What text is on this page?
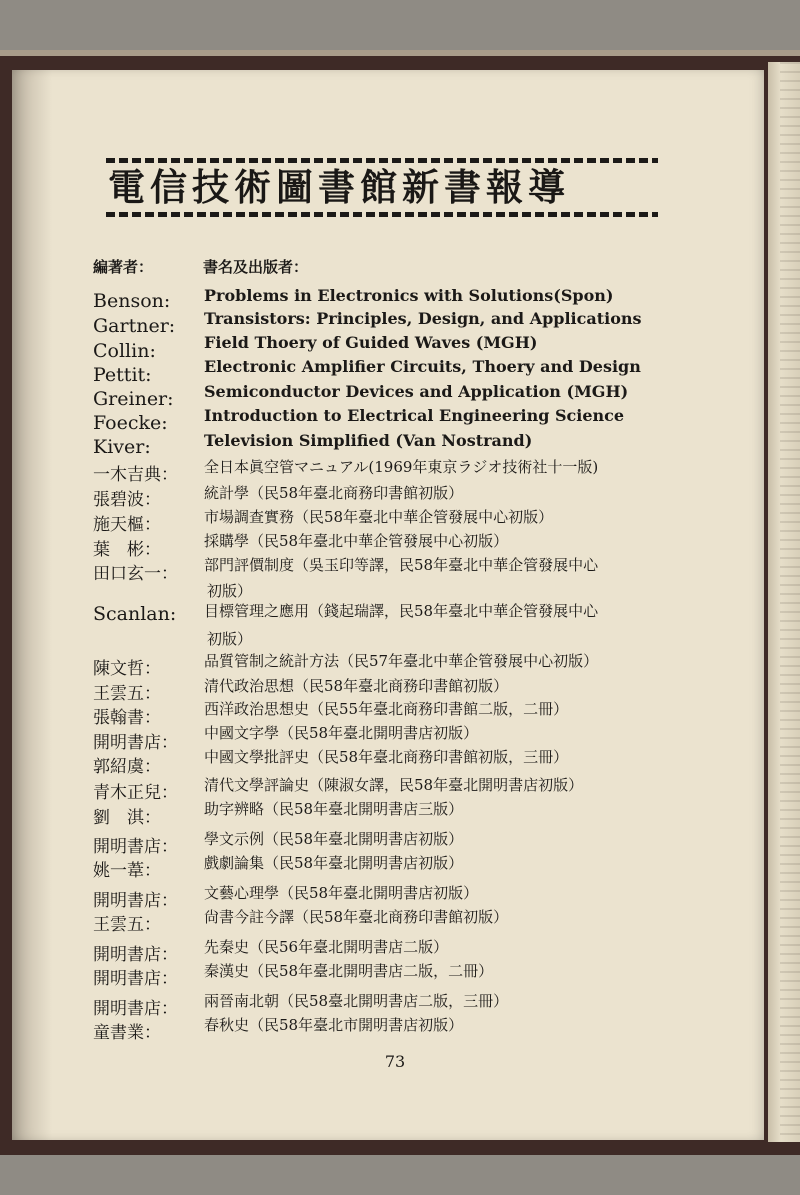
電信技術圖書館新書報導
編著者：	書名及出版者：
Benson: Problems in Electronics with Solutions(Spon)
Gartner: Transistors: Principles, Design, and Applications
Collin:	Field Thoery of Guided Waves (MGH)
Pettit:	Electronic Amplifier Circuits, Thoery and Design
Greiner: Semiconductor Devices and Application (MGH)
Foecke: Introduction to Electrical Engineering Science
Kiver:	Television Simplified (Van Nostrand)
一木吉典： 全日本眞空管マニュアル(1969年東京ラジオ技術社十一版)
張碧波：	統計學（民58年臺北商務印書館初版）
施天樞：	市場調查實務（民58年臺北中華企管發展中心初版）
葉　彬：	採購學（民58年臺北中華企管發展中心初版）
田口玄一： 部門評價制度（吳玉印等譯，民58年臺北中華企管發展中心
初版）
Scanlan: 目標管理之應用（錢起瑞譯，民58年臺北中華企管發展中心
初版）
陳文哲：	品質管制之統計方法（民57年臺北中華企管發展中心初版）
王雲五：	清代政治思想（民58年臺北商務印書館初版）
張翰書：	西洋政治思想史（民55年臺北商務印書館二版，二冊）
開明書店： 中國文字學（民58年臺北開明書店初版）
郭紹虞：	中國文學批評史（民58年臺北商務印書館初版，三冊）
青木正兒： 清代文學評論史（陳淑女譯，民58年臺北開明書店初版）
劉　淇：	助字辨略（民58年臺北開明書店三版）
開明書店： 學文示例（民58年臺北開明書店初版）
姚一葦：	戲劇論集（民58年臺北開明書店初版）
開明書店： 文藝心理學（民58年臺北開明書店初版）
王雲五：	尙書今註今譯（民58年臺北商務印書館初版）
開明書店： 先秦史（民56年臺北開明書店二版）
開明書店： 秦漢史（民58年臺北開明書店二版，二冊）
開明書店： 兩晉南北朝（民58臺北開明書店二版，三冊）
童書業：	春秋史（民58年臺北市開明書店初版）
73
